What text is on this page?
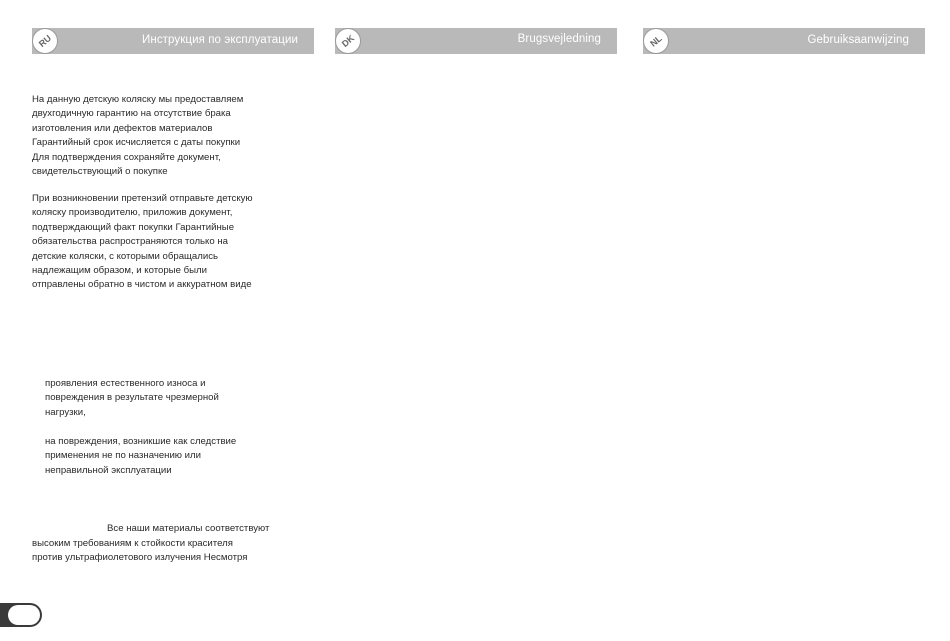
Инструкция по эксплуатации
RU	Brugsvejledning
DK	Gebruiksaanwijzing
NL

На данную детскую коляску мы предоставляем
двухгодичную гарантию на отсутствие брака
изготовления или дефектов материалов
Гарантийный срок исчисляется с даты покупки
Для подтверждения сохраняйте документ,
свидетельствующий о покупке

При возникновении претензий отправьте детскую
коляску производителю, приложив документ,
подтверждающий факт покупки Гарантийные
обязательства распространяются только на
детские коляски, с которыми обращались
надлежащим образом, и которые были
отправлены обратно в чистом и аккуратном виде

проявления естественного износа и
повреждения в результате чрезмерной
нагрузки,

на повреждения, возникшие как следствие
применения не по назначению или
неправильной эксплуатации

Все наши материалы соответствуют

высоким требованиям к стойкости красителя
против ультрафиолетового излучения Несмотря
